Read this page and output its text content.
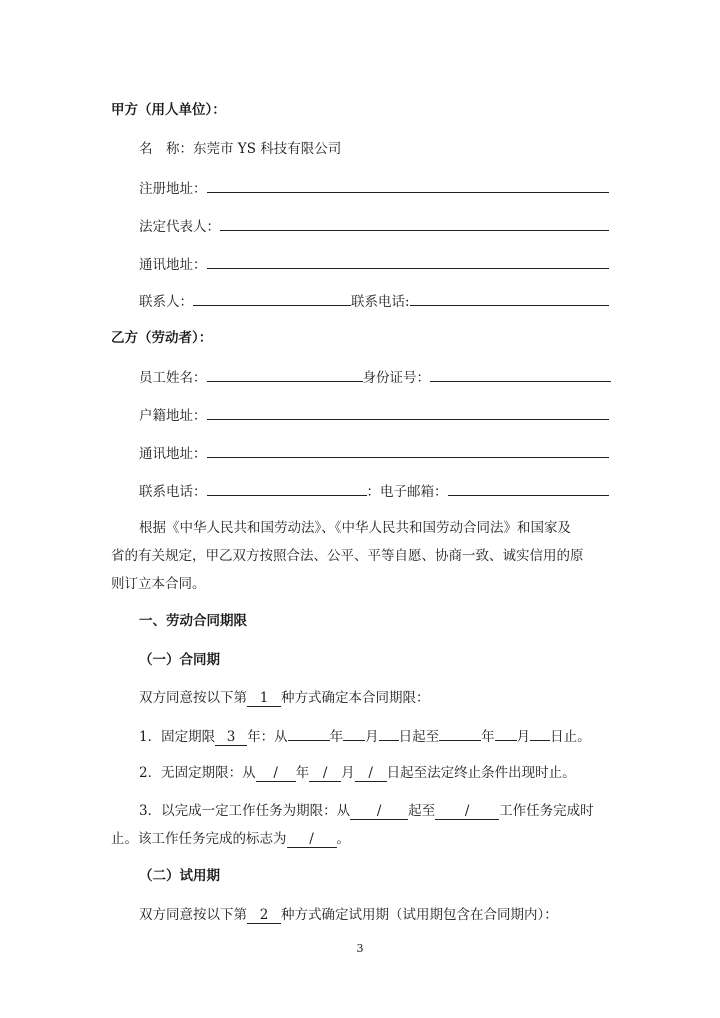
甲方（用人单位）：
名　称：东莞市 YS 科技有限公司
注册地址：
法定代表人：
通讯地址：
联系人：	联系电话:
乙方（劳动者）：
员工姓名：	身份证号：
户籍地址：
通讯地址：
联系电话：	：电子邮箱：
根据《中华人民共和国劳动法》、《中华人民共和国劳动合同法》和国家及
省的有关规定，甲乙双方按照合法、公平、平等自愿、协商一致、诚实信用的原
则订立本合同。
一、劳动合同期限
（一）合同期
双方同意按以下第 1 种方式确定本合同期限：
1．固定期限 3 年：从	年 月 日起至	年 月 日止。
2．无固定期限：从 / 年 / 月 / 日起至法定终止条件出现时止。
3．以完成一定工作任务为期限：从 / 起至 / 工作任务完成时
止。该工作任务完成的标志为 / 。
（二）试用期
双方同意按以下第 2 种方式确定试用期（试用期包含在合同期内）：
3
